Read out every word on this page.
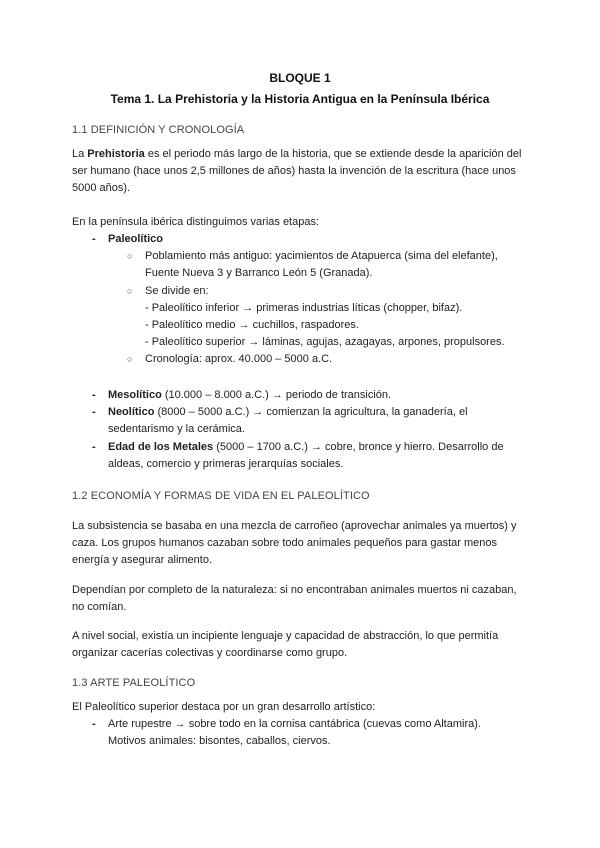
BLOQUE 1
Tema 1. La Prehistoria y la Historia Antigua en la Península Ibérica
1.1 DEFINICIÓN Y CRONOLOGÍA
La Prehistoria es el periodo más largo de la historia, que se extiende desde la aparición del
ser humano (hace unos 2,5 millones de años) hasta la invención de la escritura (hace unos
5000 años).
En la península ibérica distinguimos varias etapas:
- Paleolítico
○ Poblamiento más antiguo: yacimientos de Atapuerca (sima del elefante),
Fuente Nueva 3 y Barranco León 5 (Granada).
○ Se divide en:
- Paleolítico inferior → primeras industrias líticas (chopper, bifaz).
- Paleolítico medio → cuchillos, raspadores.
- Paleolítico superior → láminas, agujas, azagayas, arpones, propulsores.
○ Cronología: aprox. 40.000 – 5000 a.C.
- Mesolítico (10.000 – 8.000 a.C.) → periodo de transición.
- Neolítico (8000 – 5000 a.C.) → comienzan la agricultura, la ganadería, el
sedentarismo y la cerámica.
- Edad de los Metales (5000 – 1700 a.C.) → cobre, bronce y hierro. Desarrollo de
aldeas, comercio y primeras jerarquías sociales.
1.2 ECONOMÍA Y FORMAS DE VIDA EN EL PALEOLÍTICO
La subsistencia se basaba en una mezcla de carroñeo (aprovechar animales ya muertos) y
caza. Los grupos humanos cazaban sobre todo animales pequeños para gastar menos
energía y asegurar alimento.
Dependían por completo de la naturaleza: si no encontraban animales muertos ni cazaban,
no comían.
A nivel social, existía un incipiente lenguaje y capacidad de abstracción, lo que permitía
organizar cacerías colectivas y coordinarse como grupo.
1.3 ARTE PALEOLÍTICO
El Paleolítico superior destaca por un gran desarrollo artístico:
- Arte rupestre → sobre todo en la cornisa cantábrica (cuevas como Altamira).
Motivos animales: bisontes, caballos, ciervos.
